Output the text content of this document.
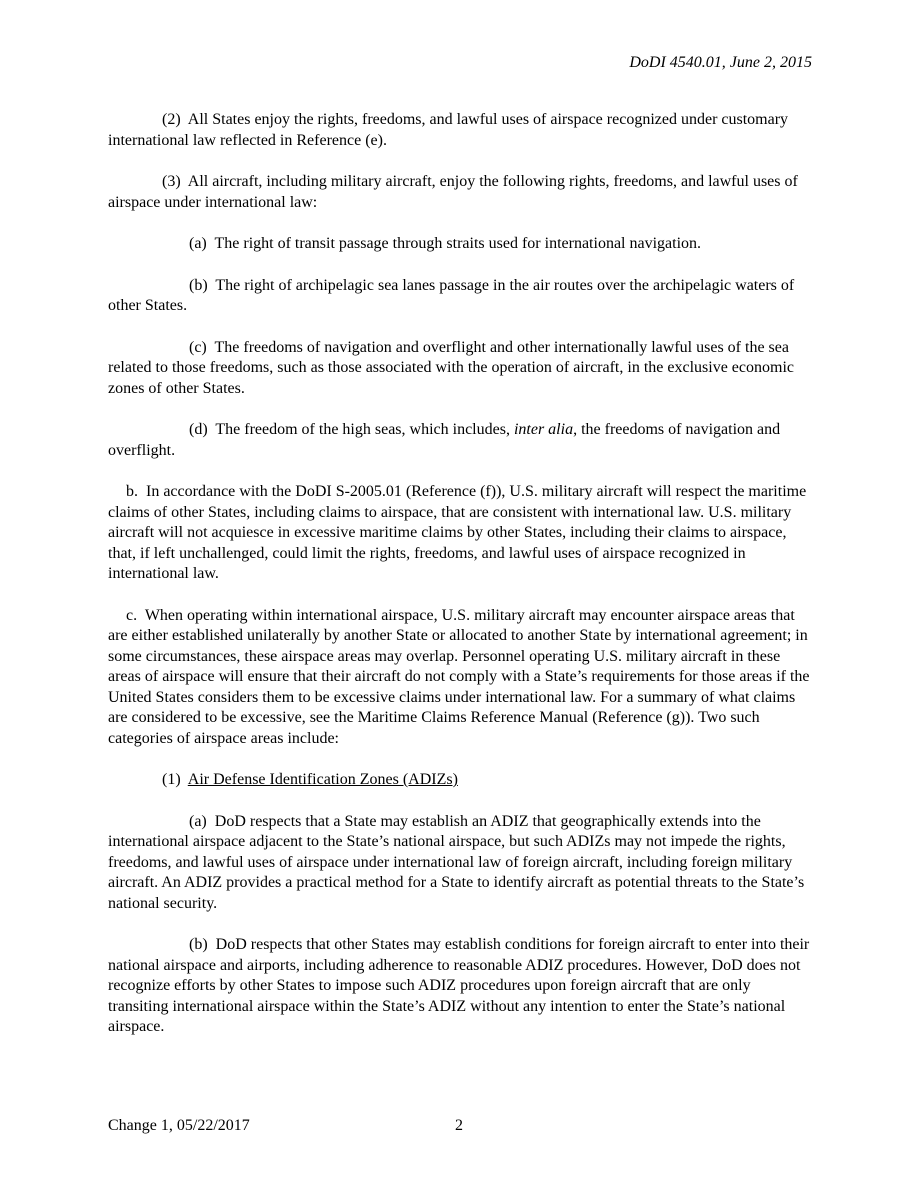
DoDI 4540.01, June 2, 2015

(2) All States enjoy the rights, freedoms, and lawful uses of airspace recognized under customary international law reflected in Reference (e).

(3) All aircraft, including military aircraft, enjoy the following rights, freedoms, and lawful uses of airspace under international law:

(a) The right of transit passage through straits used for international navigation.

(b) The right of archipelagic sea lanes passage in the air routes over the archipelagic waters of other States.

(c) The freedoms of navigation and overflight and other internationally lawful uses of the sea related to those freedoms, such as those associated with the operation of aircraft, in the exclusive economic zones of other States.

(d) The freedom of the high seas, which includes, inter alia, the freedoms of navigation and overflight.

b. In accordance with the DoDI S-2005.01 (Reference (f)), U.S. military aircraft will respect the maritime claims of other States, including claims to airspace, that are consistent with international law. U.S. military aircraft will not acquiesce in excessive maritime claims by other States, including their claims to airspace, that, if left unchallenged, could limit the rights, freedoms, and lawful uses of airspace recognized in international law.

c. When operating within international airspace, U.S. military aircraft may encounter airspace areas that are either established unilaterally by another State or allocated to another State by international agreement; in some circumstances, these airspace areas may overlap. Personnel operating U.S. military aircraft in these areas of airspace will ensure that their aircraft do not comply with a State’s requirements for those areas if the United States considers them to be excessive claims under international law. For a summary of what claims are considered to be excessive, see the Maritime Claims Reference Manual (Reference (g)). Two such categories of airspace areas include:

(1) Air Defense Identification Zones (ADIZs)

(a) DoD respects that a State may establish an ADIZ that geographically extends into the international airspace adjacent to the State’s national airspace, but such ADIZs may not impede the rights, freedoms, and lawful uses of airspace under international law of foreign aircraft, including foreign military aircraft. An ADIZ provides a practical method for a State to identify aircraft as potential threats to the State’s national security.

(b) DoD respects that other States may establish conditions for foreign aircraft to enter into their national airspace and airports, including adherence to reasonable ADIZ procedures. However, DoD does not recognize efforts by other States to impose such ADIZ procedures upon foreign aircraft that are only transiting international airspace within the State’s ADIZ without any intention to enter the State’s national airspace.

Change 1, 05/22/2017	2
